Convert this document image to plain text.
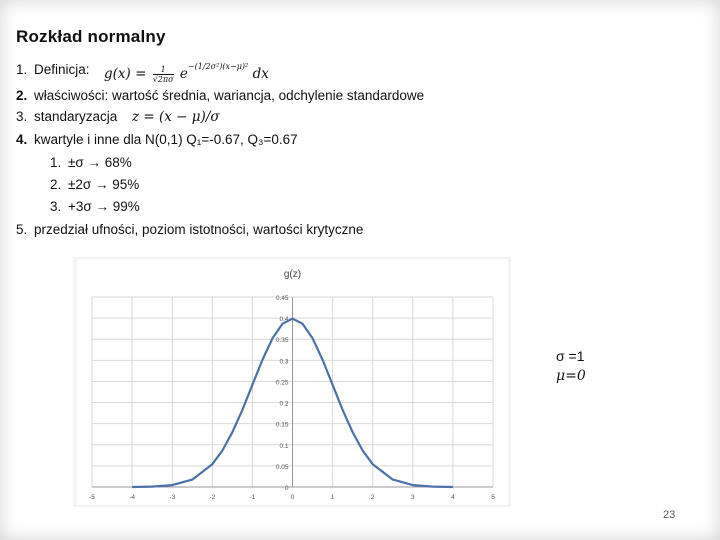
Rozkład normalny
1. Definicja: $g(x) = \frac{1}{√2\pi\sigma} e^{-(1/2\sigma^2)(x-\mu)^2}$ dx
2. właściwości: wartość średnia, wariancja, odchylenie standardowe
3. standaryzacja z = (x − μ)/σ
4. kwartyle i inne dla N(0,1) Q₁=-0.67, Q₃=0.67
1. ±σ → 68%
2. ±2σ → 95%
3. +3σ → 99%
5. przedział ufności, poziom istotności, wartości krytyczne
0
0.05
0.1
0.15
0.2
0.25
0.3
0.35
0.4
0.45
-5	-4	-3	-2	-1	0	1	2	3	4	5
g(z)
σ =1
μ=0
23
